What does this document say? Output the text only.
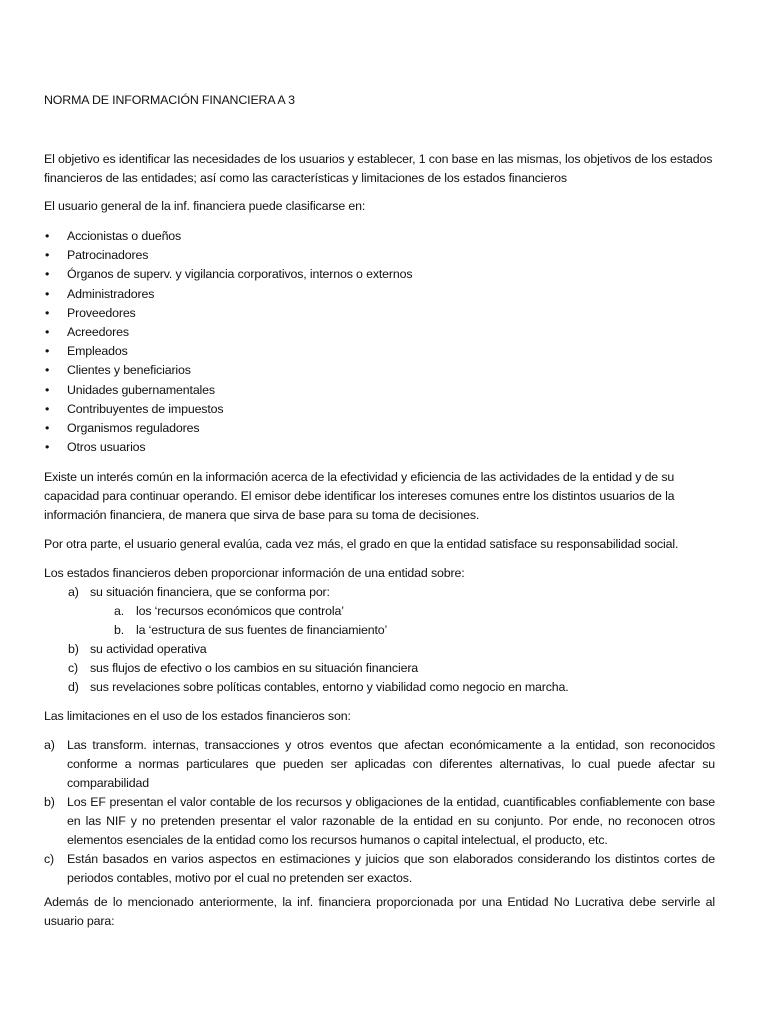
NORMA DE INFORMACIÓN FINANCIERA A 3

El objetivo es identificar las necesidades de los usuarios y establecer, 1 con base en las mismas, los objetivos de los estados financieros de las entidades; así como las características y limitaciones de los estados financieros

El usuario general de la inf. financiera puede clasificarse en:

• Accionistas o dueños
• Patrocinadores
• Órganos de superv. y vigilancia corporativos, internos o externos
• Administradores
• Proveedores
• Acreedores
• Empleados
• Clientes y beneficiarios
• Unidades gubernamentales
• Contribuyentes de impuestos
• Organismos reguladores
• Otros usuarios

Existe un interés común en la información acerca de la efectividad y eficiencia de las actividades de la entidad y de su capacidad para continuar operando. El emisor debe identificar los intereses comunes entre los distintos usuarios de la información financiera, de manera que sirva de base para su toma de decisiones.

Por otra parte, el usuario general evalúa, cada vez más, el grado en que la entidad satisface su responsabilidad social.

Los estados financieros deben proporcionar información de una entidad sobre:

a) su situación financiera, que se conforma por:
a. los ‘recursos económicos que controla’
b. la ‘estructura de sus fuentes de financiamiento’
b) su actividad operativa
c) sus flujos de efectivo o los cambios en su situación financiera
d) sus revelaciones sobre políticas contables, entorno y viabilidad como negocio en marcha.

Las limitaciones en el uso de los estados financieros son:

a) Las transform. internas, transacciones y otros eventos que afectan económicamente a la entidad, son reconocidos conforme a normas particulares que pueden ser aplicadas con diferentes alternativas, lo cual puede afectar su comparabilidad
b) Los EF presentan el valor contable de los recursos y obligaciones de la entidad, cuantificables confiablemente con base en las NIF y no pretenden presentar el valor razonable de la entidad en su conjunto. Por ende, no reconocen otros elementos esenciales de la entidad como los recursos humanos o capital intelectual, el producto, etc.
c) Están basados en varios aspectos en estimaciones y juicios que son elaborados considerando los distintos cortes de periodos contables, motivo por el cual no pretenden ser exactos.

Además de lo mencionado anteriormente, la inf. financiera proporcionada por una Entidad No Lucrativa debe servirle al usuario para:
